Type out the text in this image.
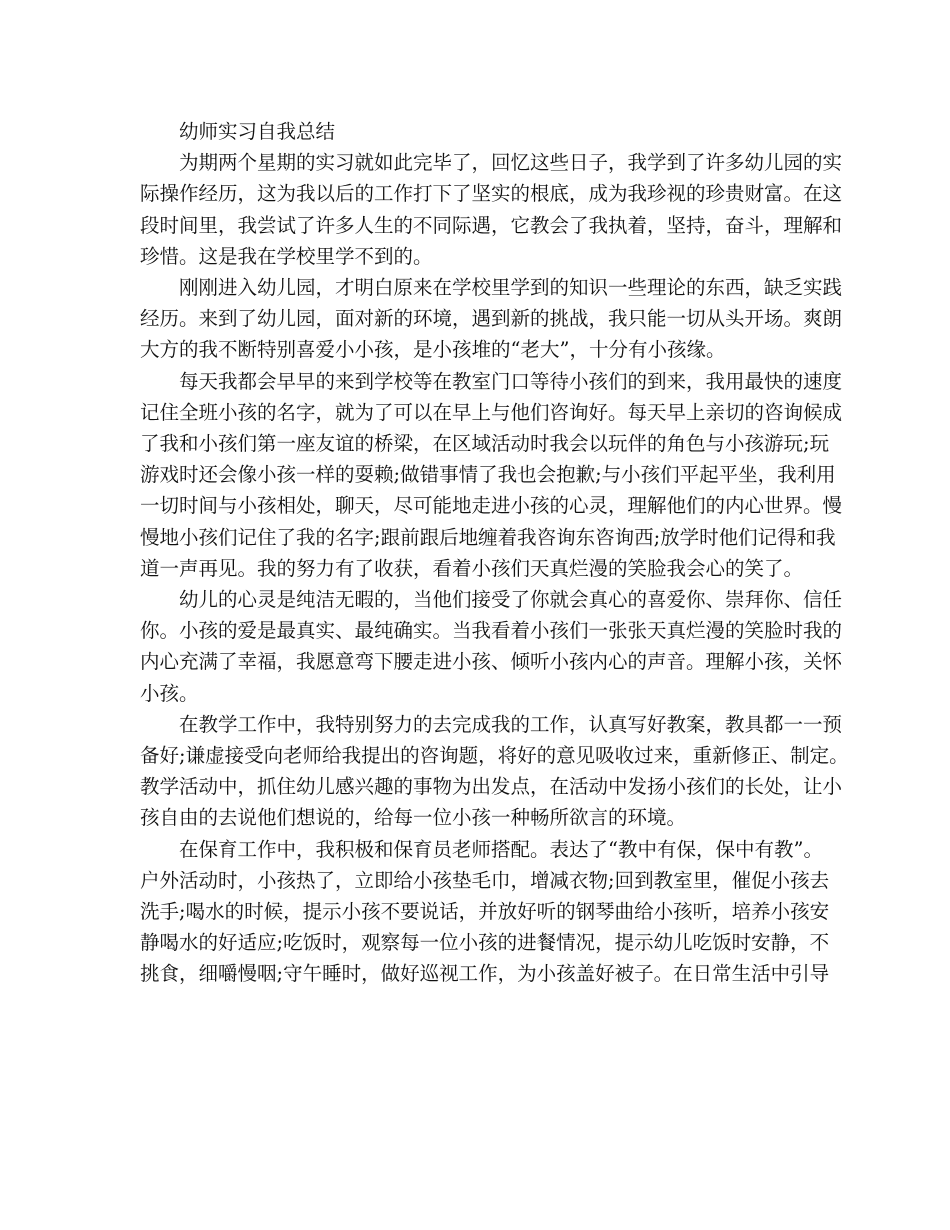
幼师实习自我总结

为期两个星期的实习就如此完毕了，回忆这些日子，我学到了许多幼儿园的实
际操作经历，这为我以后的工作打下了坚实的根底，成为我珍视的珍贵财富。在这
段时间里，我尝试了许多人生的不同际遇，它教会了我执着，坚持，奋斗，理解和
珍惜。这是我在学校里学不到的。

刚刚进入幼儿园，才明白原来在学校里学到的知识一些理论的东西，缺乏实践
经历。来到了幼儿园，面对新的环境，遇到新的挑战，我只能一切从头开场。爽朗
大方的我不断特别喜爱小小孩，是小孩堆的“老大”，十分有小孩缘。

每天我都会早早的来到学校等在教室门口等待小孩们的到来，我用最快的速度
记住全班小孩的名字，就为了可以在早上与他们咨询好。每天早上亲切的咨询候成
了我和小孩们第一座友谊的桥梁，在区域活动时我会以玩伴的角色与小孩游玩;玩
游戏时还会像小孩一样的耍赖;做错事情了我也会抱歉;与小孩们平起平坐，我利用
一切时间与小孩相处，聊天，尽可能地走进小孩的心灵，理解他们的内心世界。慢
慢地小孩们记住了我的名字;跟前跟后地缠着我咨询东咨询西;放学时他们记得和我
道一声再见。我的努力有了收获，看着小孩们天真烂漫的笑脸我会心的笑了。

幼儿的心灵是纯洁无暇的，当他们接受了你就会真心的喜爱你、崇拜你、信任
你。小孩的爱是最真实、最纯确实。当我看着小孩们一张张天真烂漫的笑脸时我的
内心充满了幸福，我愿意弯下腰走进小孩、倾听小孩内心的声音。理解小孩，关怀
小孩。

在教学工作中，我特别努力的去完成我的工作，认真写好教案，教具都一一预
备好;谦虚接受向老师给我提出的咨询题，将好的意见吸收过来，重新修正、制定。
教学活动中，抓住幼儿感兴趣的事物为出发点，在活动中发扬小孩们的长处，让小
孩自由的去说他们想说的，给每一位小孩一种畅所欲言的环境。

在保育工作中，我积极和保育员老师搭配。表达了“教中有保，保中有教”。
户外活动时，小孩热了，立即给小孩垫毛巾，增减衣物;回到教室里，催促小孩去
洗手;喝水的时候，提示小孩不要说话，并放好听的钢琴曲给小孩听，培养小孩安
静喝水的好适应;吃饭时，观察每一位小孩的进餐情况，提示幼儿吃饭时安静，不
挑食，细嚼慢咽;守午睡时，做好巡视工作，为小孩盖好被子。在日常生活中引导
